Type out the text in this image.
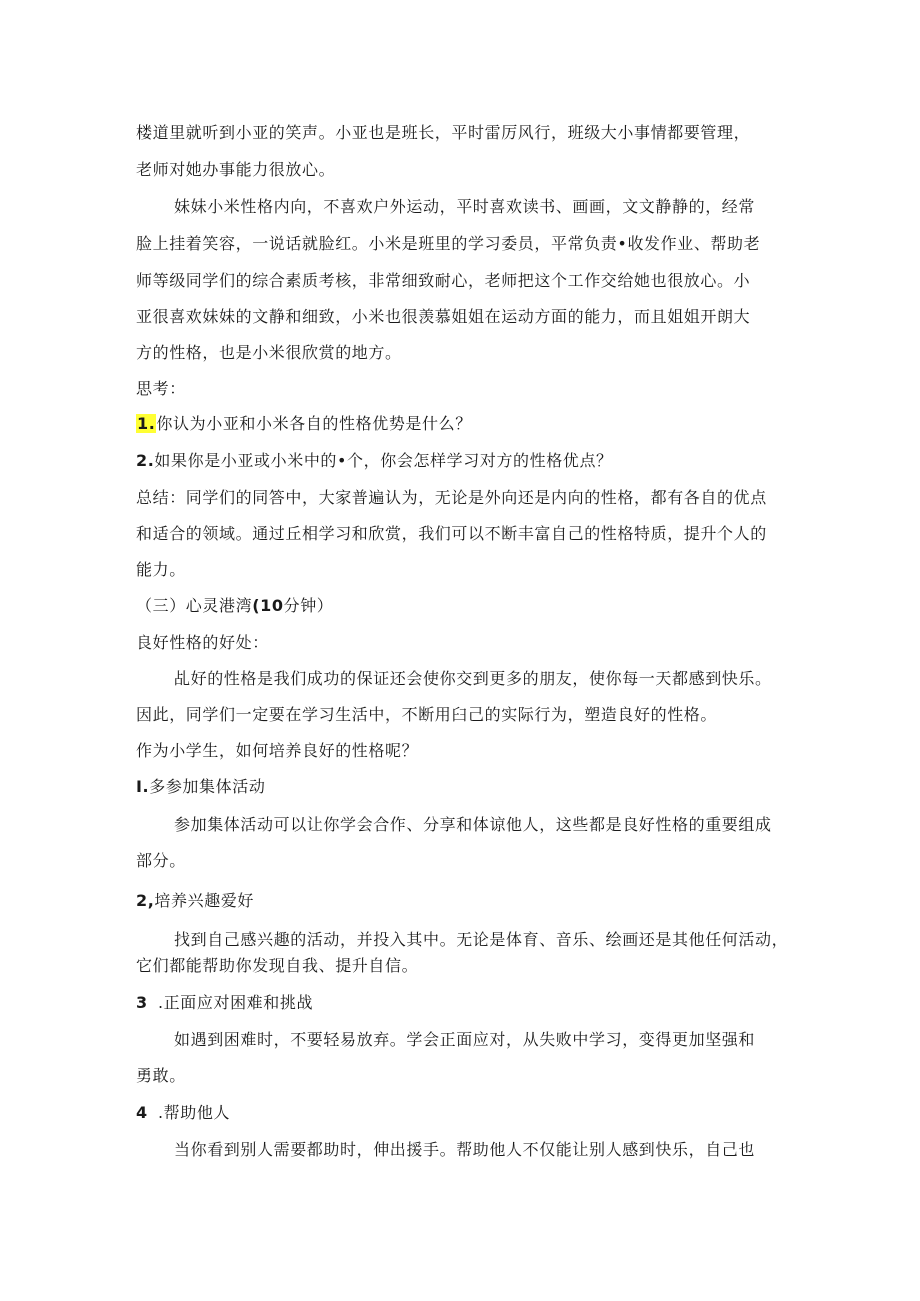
楼道里就听到小亚的笑声。小亚也是班长，平时雷厉风行，班级大小事情都要管理，
老师对她办事能力很放心。
妹妹小米性格内向，不喜欢户外运动，平时喜欢读书、画画，文文静静的，经常
脸上挂着笑容，一说话就脸红。小米是班里的学习委员，平常负责•收发作业、帮助老
师等级同学们的综合素质考核，非常细致耐心，老师把这个工作交给她也很放心。小
亚很喜欢妹妹的文静和细致，小米也很羡慕姐姐在运动方面的能力，而且姐姐开朗大
方的性格，也是小米很欣赏的地方。
思考：
1.你认为小亚和小米各自的性格优势是什么？
2.如果你是小亚或小米中的•个，你会怎样学习对方的性格优点？
总结：同学们的同答中，大家普遍认为，无论是外向还是内向的性格，都有各自的优点
和适合的领域。通过丘相学习和欣赏，我们可以不断丰富自己的性格特质，提升个人的
能力。
（三）心灵港湾(10分钟）
良好性格的好处：
乩好的性格是我们成功的保证还会使你交到更多的朋友，使你每一天都感到快乐。
因此，同学们一定要在学习生活中，不断用臼己的实际行为，塑造良好的性格。
作为小学生，如何培养良好的性格呢？
I.多参加集体活动
参加集体活动可以让你学会合作、分享和体谅他人，这些都是良好性格的重要组成
部分。
2,培养兴趣爱好
找到自己感兴趣的活动，并投入其中。无论是体育、音乐、绘画还是其他任何活动，
它们都能帮助你发现自我、提升自信。
3 .正面应对困难和挑战
如遇到困难时，不要轻易放弃。学会正面应对，从失败中学习，变得更加坚强和
勇敢。
4 .帮助他人
当你看到别人需要都助时，伸出援手。帮助他人不仅能让别人感到快乐，自己也
